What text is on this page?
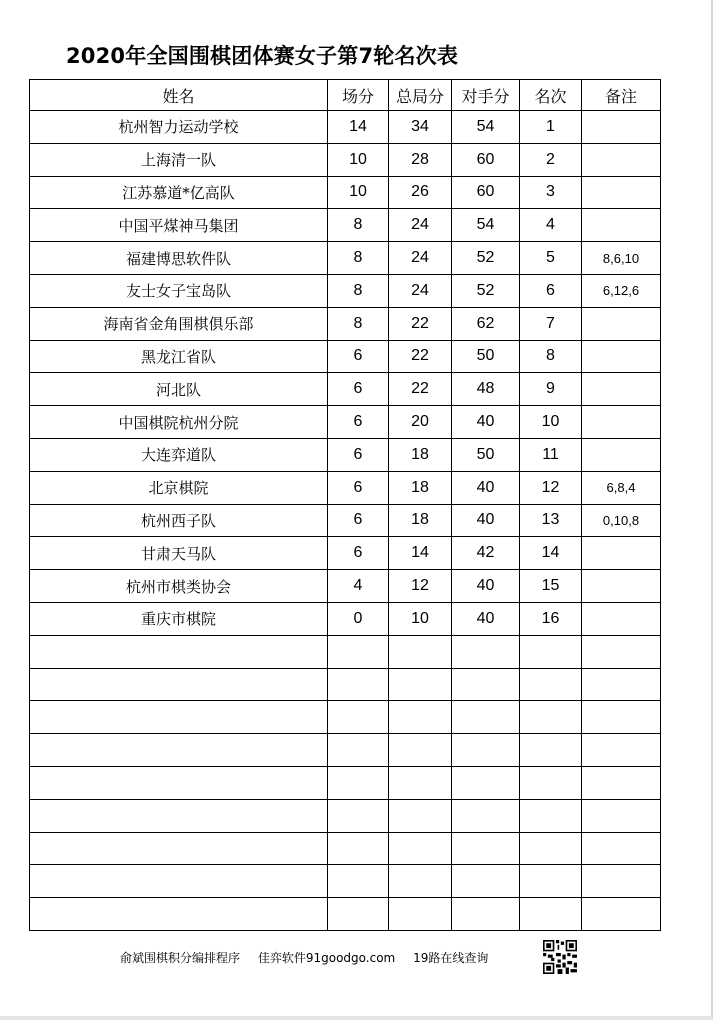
2020年全国围棋团体赛女子第7轮名次表
姓名	场分	总局分	对手分	名次	备注
杭州智力运动学校	14	34	54	1	
上海清一队	10	28	60	2	
江苏慕道*亿高队	10	26	60	3	
中国平煤神马集团	8	24	54	4	
福建博思软件队	8	24	52	5	8,6,10
友士女子宝岛队	8	24	52	6	6,12,6
海南省金角围棋俱乐部	8	22	62	7	
黑龙江省队	6	22	50	8	
河北队	6	22	48	9	
中国棋院杭州分院	6	20	40	10	
大连弈道队	6	18	50	11	
北京棋院	6	18	40	12	6,8,4
杭州西子队	6	18	40	13	0,10,8
甘肃天马队	6	14	42	14	
杭州市棋类协会	4	12	40	15	
重庆市棋院	0	10	40	16	

俞斌围棋积分编排程序 佳弈软件91goodgo.com 19路在线查询
